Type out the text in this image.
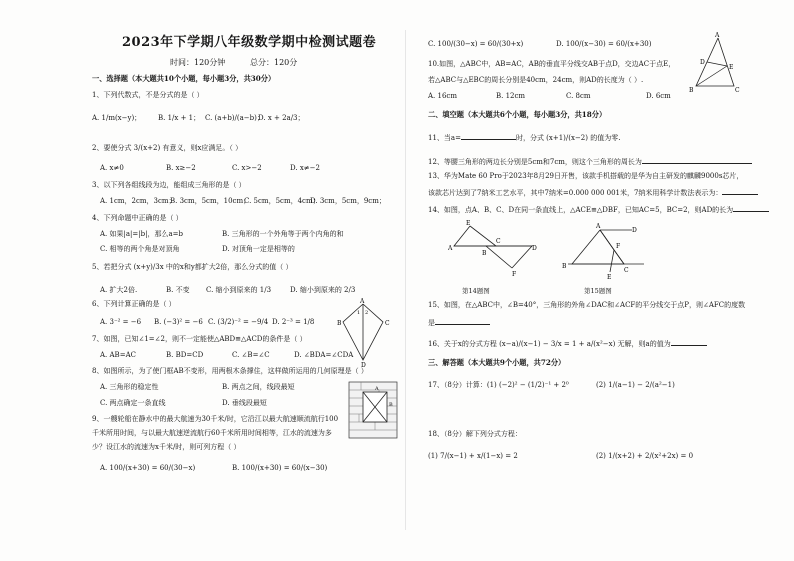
2023年下学期八年级数学期中检测试题卷
时间：120分钟	总分：120分
一、选择题（本大题共10个小题，每小题3分，共30分）
1、下列代数式，不是分式的是（ ）
A. 1/m(x−y)； B. 1/x + 1； C. (a+b)/(a−b)；
D. x + 2a/3；
2、要使分式 3/(x+2) 有意义，则x应满足。（ ）
A. x≠0	B. x≥−2	C. x>−2	D. x≠−2
3、以下列各组线段为边，能组成三角形的是（ ）
A. 1cm，2cm，3cm；
B. 3cm，5cm，10cm；
C. 5cm，5cm，4cm；
D. 3cm，5cm，9cm；
4、下列命题中正确的是（ ）
A. 如果|a|=|b|，那么a=b	B. 三角形的一个外角等于两个内角的和
C. 相等的两个角是对顶角	D. 对顶角一定是相等的
5、若把分式 (x+y)/3x 中的x和y都扩大2倍，那么分式的值（ ）
A. 扩大2倍.	B. 不变 C. 缩小到原来的 1/3	D. 缩小到原来的 2/3
6、下列计算正确的是（ ）
A. 3⁻² = −6 B. (−3)² = −6 C. (3/2)⁻² = −9/4 D. 2⁻³ = 1/8
A
B	C
D
1 2
7、如图，已知∠1=∠2，则不一定能使△ABD≌△ACD的条件是（ ）
A. AB=AC	B. BD=CD	C. ∠B=∠C	D. ∠BDA=∠CDA
8、如图所示，为了使门框AB不变形，用两根木条撑住，这样做所运用的几何原理是（ ）
A. 三角形的稳定性	B. 两点之间，线段最短
C. 两点确定一条直线	D. 垂线段最短
A
B
9、一艘轮船在静水中的最大航速为30千米/时，它沿江以最大航速顺流航行100
千米所用时间，与以最大航速逆流航行60千米所用时间相等，江水的流速为多
少？设江水的流速为x千米/时，则可列方程（ ）
A. 100/(x+30) = 60/(30−x)	B. 100/(x+30) = 60/(x−30)
C. 100/(30−x) = 60/(30+x)	D. 100/(x−30) = 60/(x+30)
A
D
E
B	C
10.如图，△ABC中，AB=AC，AB的垂直平分线交AB于点D，交边AC于点E，
若△ABC与△EBC的周长分别是40cm，24cm，则AD的长度为（ ）.
A. 16cm	B. 12cm	C. 8cm	D. 6cm
二、填空题（本大题共6个小题，每小题3分，共18分）
11、当a=	时，分式 (x+1)/(x−2) 的值为零.
12、等腰三角形的两边长分别是5cm和7cm，则这个三角形的周长为
13、华为Mate 60 Pro于2023年8月29日开售，该款手机搭载的是华为自主研发的麒麟9000s芯片，
该款芯片达到了7纳米工艺水平，其中7纳米=0.000 000 001米，7纳米用科学计数法表示为：
14、如图，点A、B、C、D在同一条直线上，△ACE≌△DBF，已知AC=5，BC=2，则AD的长为
E
A
B
C
D
F
A
B
C
D
E
F
第14题图	第15题图
15、如图，在△ABC中，∠B=40°，三角形的外角∠DAC和∠ACF的平分线交于点P，则∠AFC的度数
是
16、关于x的分式方程 (x−a)/(x−1) − 3/x = 1 + a/(x²−x) 无解，则a的值为
三、解答题（本大题共9个小题，共72分）
17、（8分）计算：(1) (−2)² − (1/2)⁻¹ + 2⁰	(2) 1/(a−1) − 2/(a²−1)
18、（8分）解下列分式方程：
(1) 7/(x−1) + x/(1−x) = 2	(2) 1/(x+2) + 2/(x²+2x) = 0
